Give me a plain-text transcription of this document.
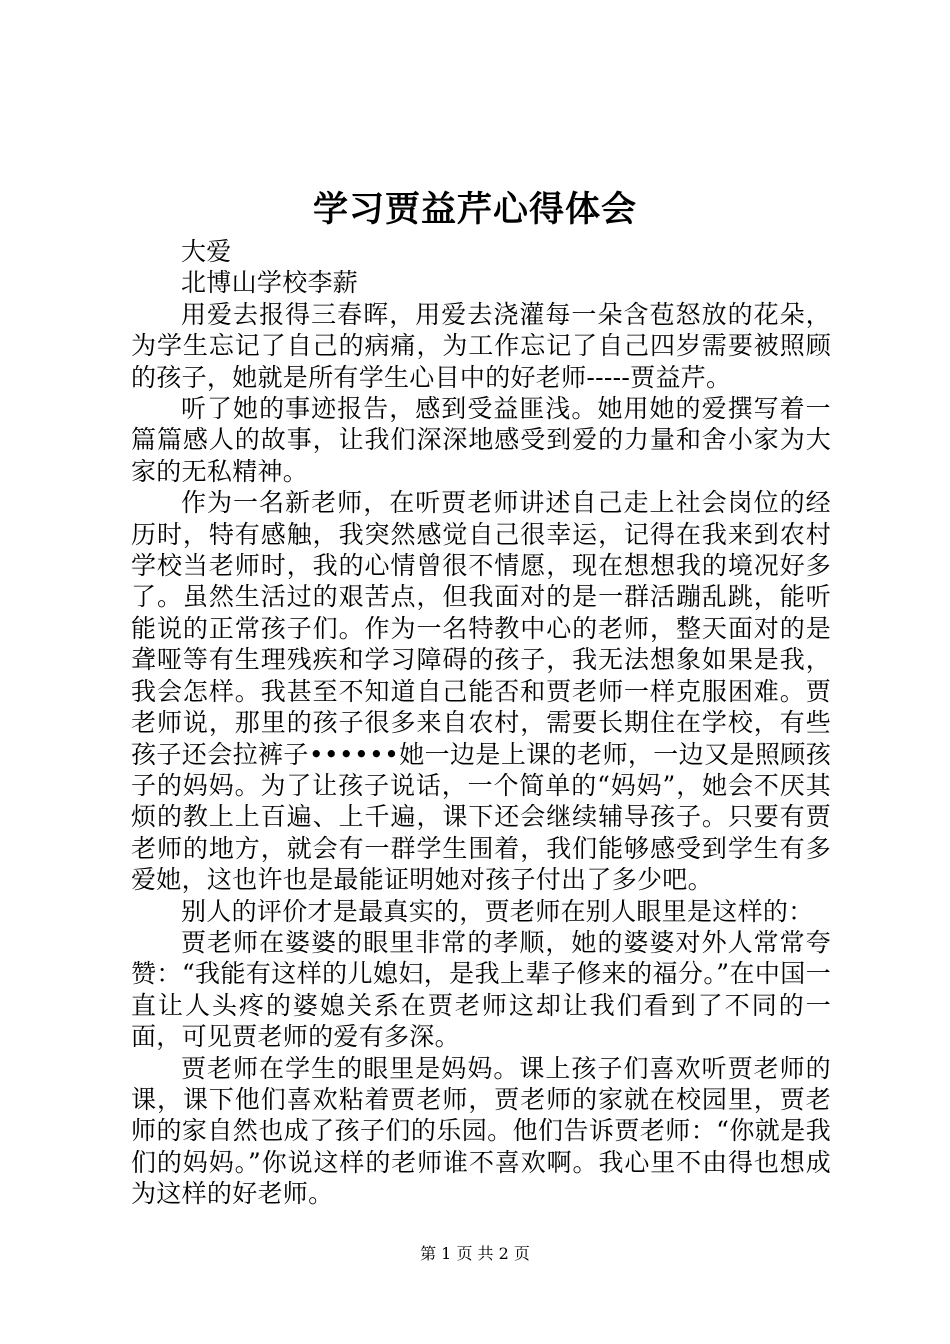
学习贾益芹心得体会

大爱

北博山学校李薪

用爱去报得三春晖，用爱去浇灌每一朵含苞怒放的花朵，为学生忘记了自己的病痛，为工作忘记了自己四岁需要被照顾的孩子，她就是所有学生心目中的好老师-----贾益芹。

听了她的事迹报告，感到受益匪浅。她用她的爱撰写着一篇篇感人的故事，让我们深深地感受到爱的力量和舍小家为大家的无私精神。

作为一名新老师，在听贾老师讲述自己走上社会岗位的经历时，特有感触，我突然感觉自己很幸运，记得在我来到农村学校当老师时，我的心情曾很不情愿，现在想想我的境况好多了。虽然生活过的艰苦点，但我面对的是一群活蹦乱跳，能听能说的正常孩子们。作为一名特教中心的老师，整天面对的是聋哑等有生理残疾和学习障碍的孩子，我无法想象如果是我，我会怎样。我甚至不知道自己能否和贾老师一样克服困难。贾老师说，那里的孩子很多来自农村，需要长期住在学校，有些孩子还会拉裤子••••••她一边是上课的老师，一边又是照顾孩子的妈妈。为了让孩子说话，一个简单的“妈妈”，她会不厌其烦的教上上百遍、上千遍，课下还会继续辅导孩子。只要有贾老师的地方，就会有一群学生围着，我们能够感受到学生有多爱她，这也许也是最能证明她对孩子付出了多少吧。

别人的评价才是最真实的，贾老师在别人眼里是这样的：

贾老师在婆婆的眼里非常的孝顺，她的婆婆对外人常常夸赞：“我能有这样的儿媳妇，是我上辈子修来的福分。”在中国一直让人头疼的婆媳关系在贾老师这却让我们看到了不同的一面，可见贾老师的爱有多深。

贾老师在学生的眼里是妈妈。课上孩子们喜欢听贾老师的课，课下他们喜欢粘着贾老师，贾老师的家就在校园里，贾老师的家自然也成了孩子们的乐园。他们告诉贾老师：“你就是我们的妈妈。”你说这样的老师谁不喜欢啊。我心里不由得也想成为这样的好老师。

第 1 页 共 2 页
